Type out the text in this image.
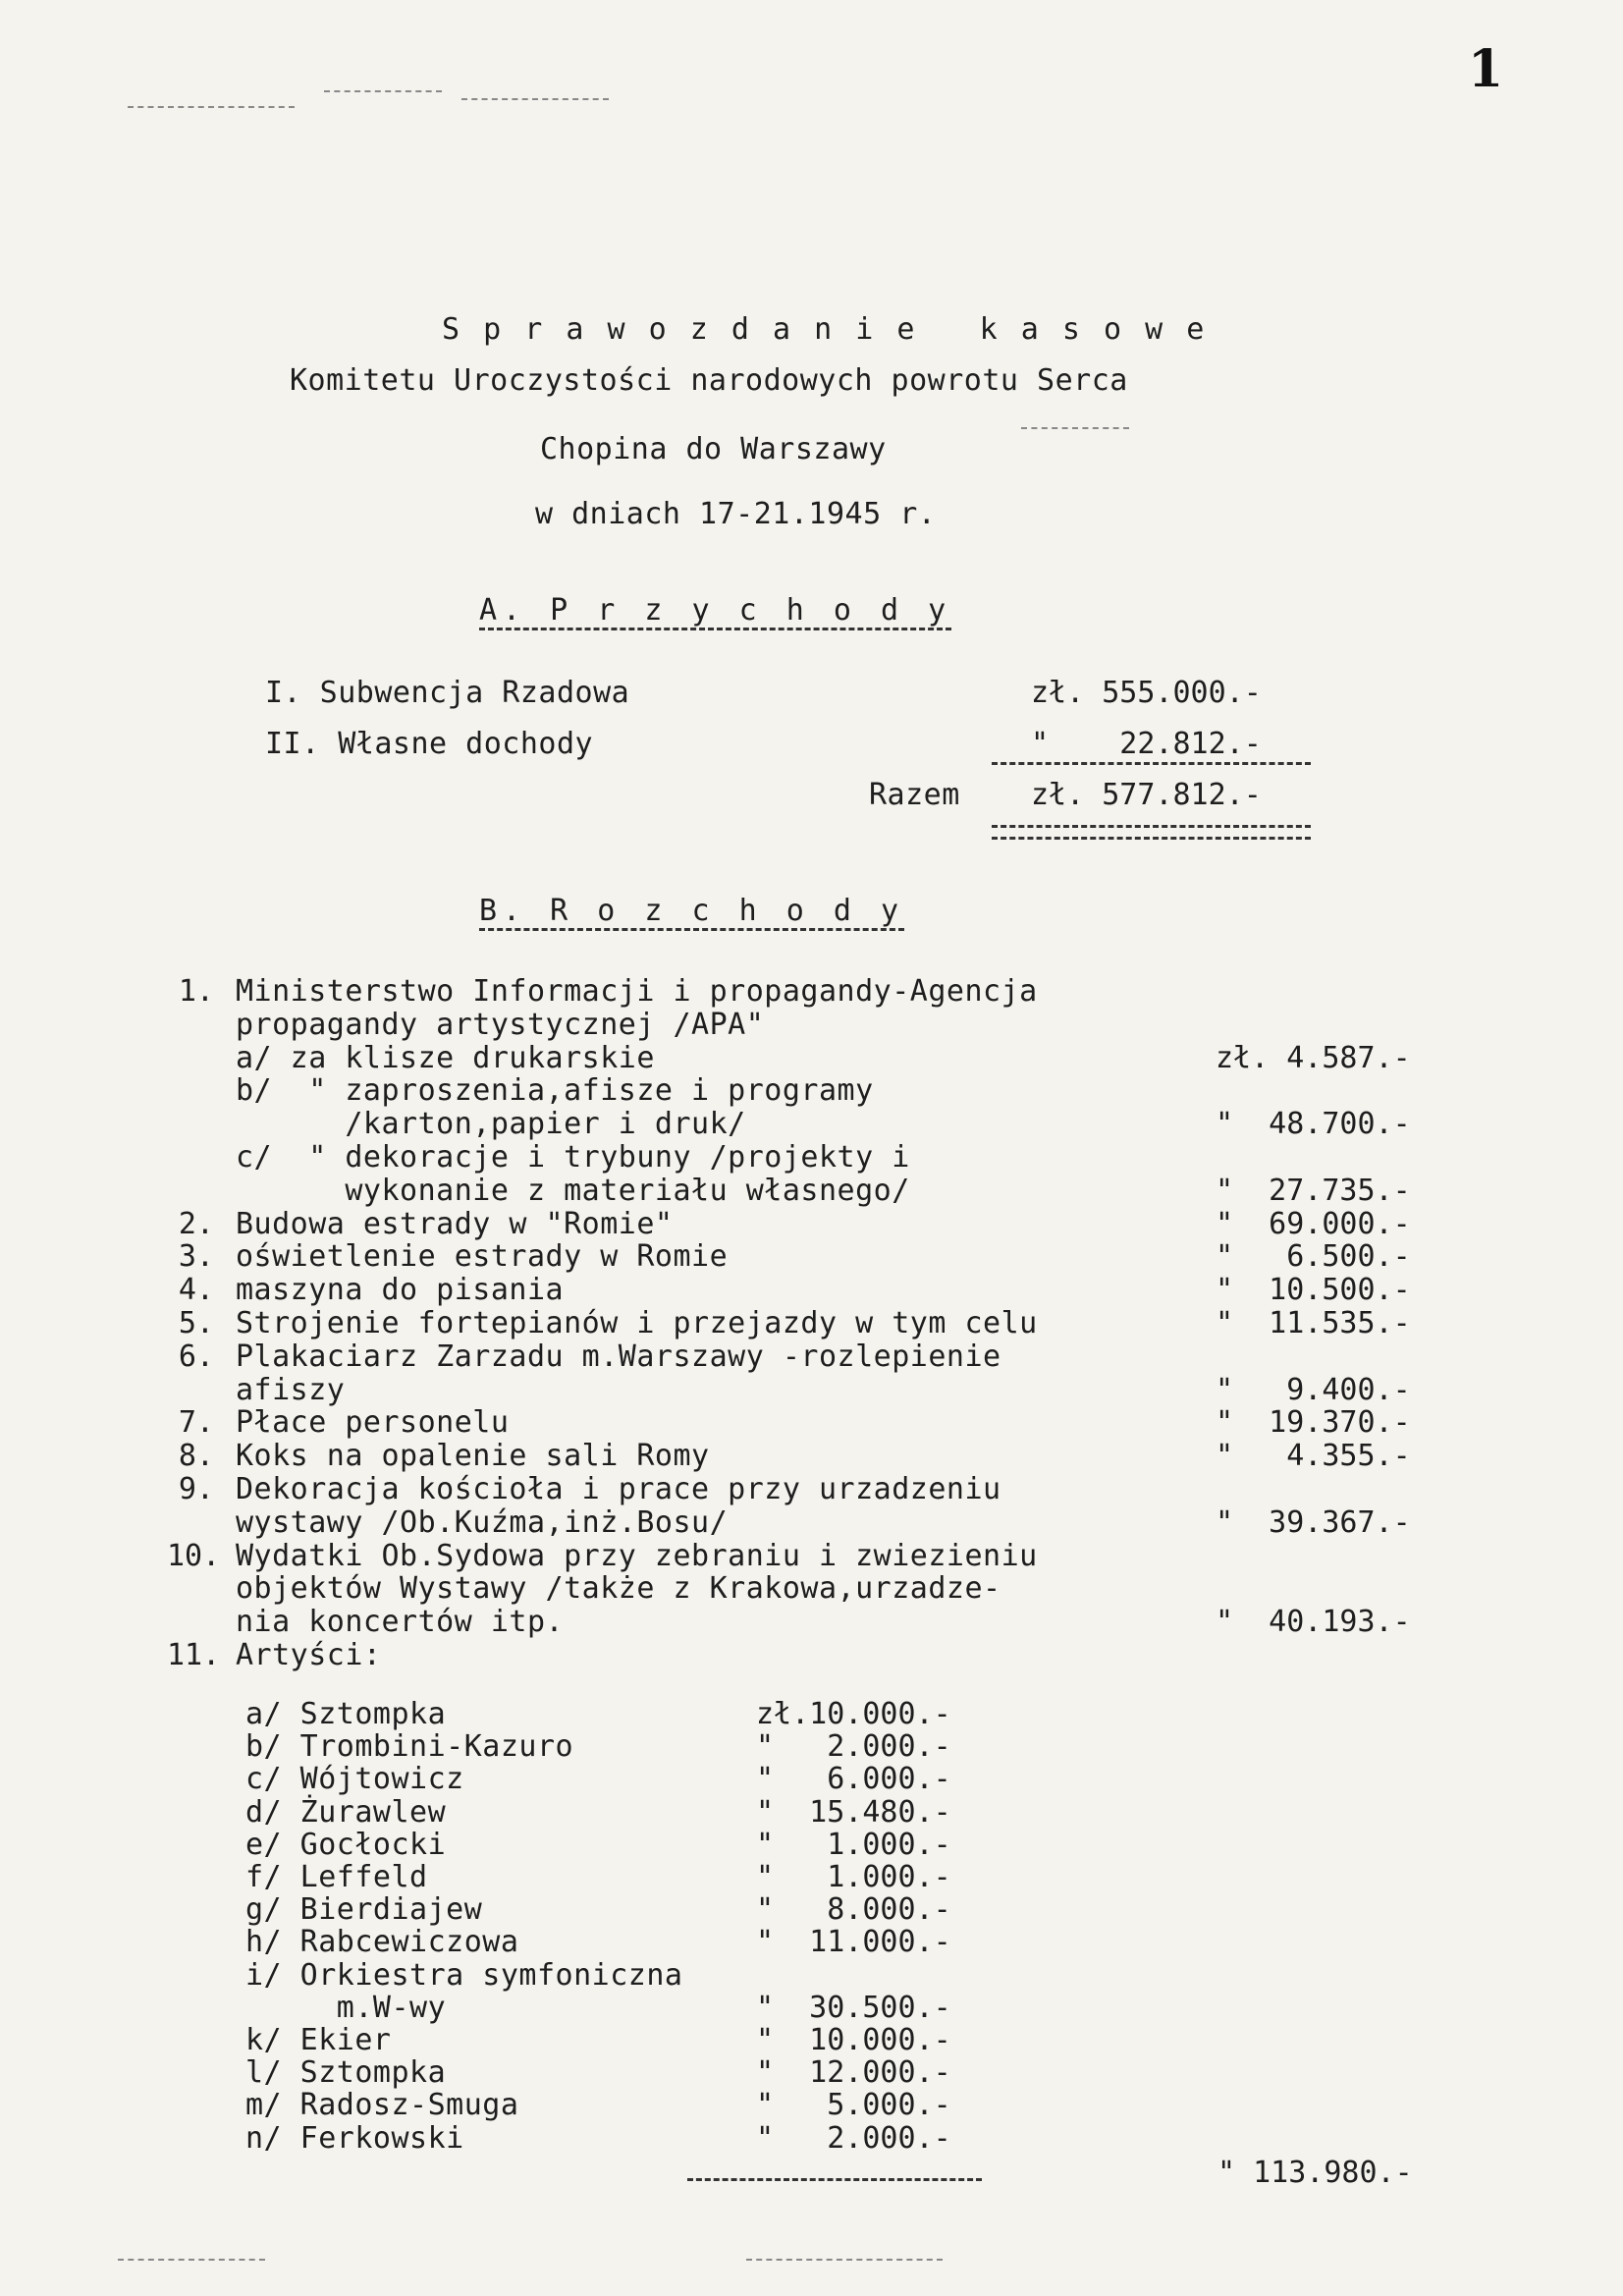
1
S p r a w o z d a n i e   k a s o w e
Komitetu Uroczystości narodowych powrotu Serca
Chopina do Warszawy
w dniach 17-21.1945 r.
A. P r z y c h o d y
I. Subwencja Rzadowa	zł. 555.000.-
II. Własne dochody	"    22.812.-
Razem zł. 577.812.-
B. R o z c h o d y
1. Ministerstwo Informacji i propagandy-Agencja
propagandy artystycznej /APA"
a/ za klisze drukarskie	zł. 4.587.-
b/  " zaproszenia,afisze i programy
/karton,papier i druk/	"  48.700.-
c/  " dekoracje i trybuny /projekty i
wykonanie z materiału własnego/	"  27.735.-
2. Budowa estrady w "Romie"	"  69.000.-
3. oświetlenie estrady w Romie	"   6.500.-
4. maszyna do pisania	"  10.500.-
5. Strojenie fortepianów i przejazdy w tym celu	"  11.535.-
6. Plakaciarz Zarzadu m.Warszawy -rozlepienie
afiszy	"   9.400.-
7. Płace personelu	"  19.370.-
8. Koks na opalenie sali Romy	"   4.355.-
9. Dekoracja kościoła i prace przy urzadzeniu
wystawy /Ob.Kuźma,inż.Bosu/	"  39.367.-
10. Wydatki Ob.Sydowa przy zebraniu i zwiezieniu
objektów Wystawy /także z Krakowa,urzadze-
nia koncertów itp.	"  40.193.-
11. Artyści:
a/ Sztompka	zł.10.000.-
b/ Trombini-Kazuro	"   2.000.-
c/ Wójtowicz	"   6.000.-
d/ Żurawlew	"  15.480.-
e/ Gocłocki	"   1.000.-
f/ Leffeld	"   1.000.-
g/ Bierdiajew	"   8.000.-
h/ Rabcewiczowa	"  11.000.-
i/ Orkiestra symfoniczna
m.W-wy	"  30.500.-
k/ Ekier	"  10.000.-
l/ Sztompka	"  12.000.-
m/ Radosz-Smuga	"   5.000.-
n/ Ferkowski	"   2.000.-
" 113.980.-
